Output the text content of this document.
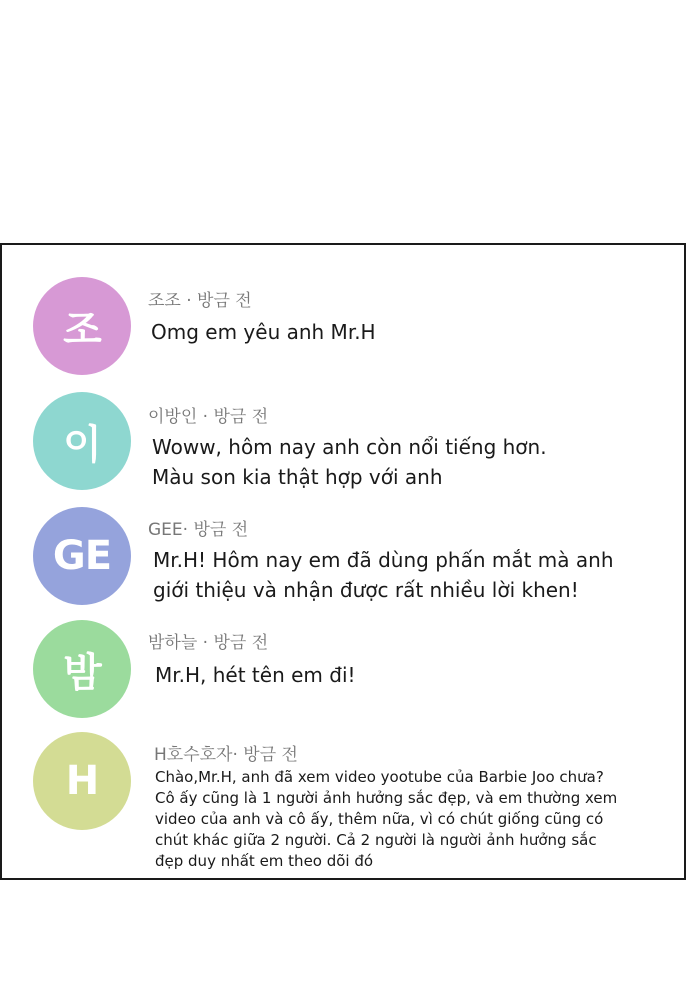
조
조조 · 방금 전
Omg em yêu anh Mr.H
이
이방인 · 방금 전
Woww, hôm nay anh còn nổi tiếng hơn.
Màu son kia thật hợp với anh
GE
GEE· 방금 전
Mr.H! Hôm nay em đã dùng phấn mắt mà anh
giới thiệu và nhận được rất nhiều lời khen!
밤
밤하늘 · 방금 전
Mr.H, hét tên em đi!
H
H호수호자· 방금 전
Chào,Mr.H, anh đã xem video yootube của Barbie Joo chưa?
Cô ấy cũng là 1 người ảnh hưởng sắc đẹp, và em thường xem
video của anh và cô ấy, thêm nữa, vì có chút giống cũng có
chút khác giữa 2 người. Cả 2 người là người ảnh hưởng sắc
đẹp duy nhất em theo dõi đó
